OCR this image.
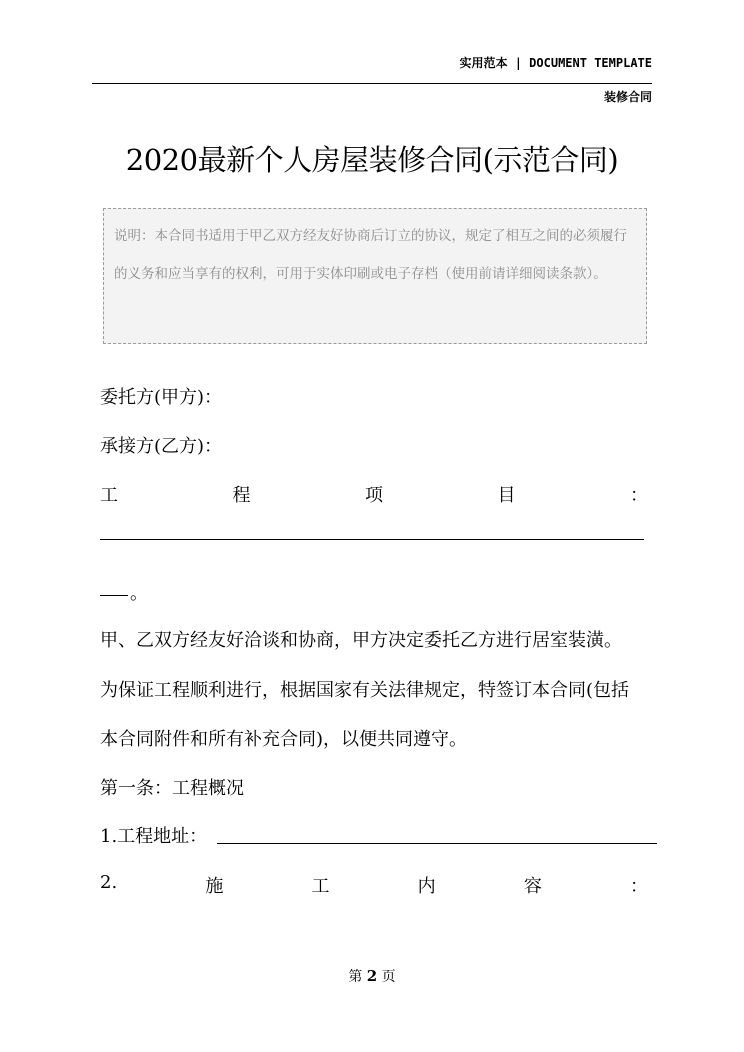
实用范本 | DOCUMENT TEMPLATE
装修合同
2020最新个人房屋装修合同(示范合同)
说明：本合同书适用于甲乙双方经友好协商后订立的协议，规定了相互之间的必须履行的义务和应当享有的权利，可用于实体印刷或电子存档（使用前请详细阅读条款）。
委托方(甲方)：
承接方(乙方)：
工	程	项	目	：
。
甲、乙双方经友好洽谈和协商，甲方决定委托乙方进行居室装潢。
为保证工程顺利进行，根据国家有关法律规定，特签订本合同(包括
本合同附件和所有补充合同)，以便共同遵守。
第一条：工程概况
1.工程地址：
2.	施	工	内	容	：
第 2 页
